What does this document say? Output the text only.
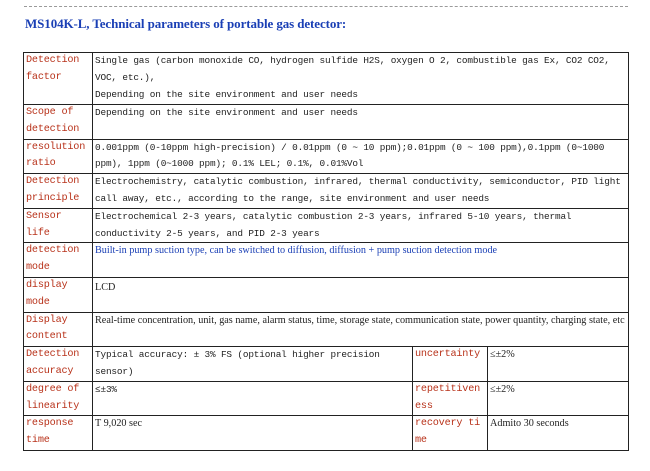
MS104K-L, Technical parameters of portable gas detector:
Detection factor	Single gas (carbon monoxide CO, hydrogen sulfide H2S, oxygen O 2, combustible gas Ex, CO2 CO2, VOC, etc.),
Depending on the site environment and user needs		
Scope of detection	Depending on the site environment and user needs		
resolution ratio	0.001ppm (0-10ppm high-precision) / 0.01ppm (0 ~ 10 ppm);0.01ppm (0 ~ 100 ppm),0.1ppm (0~1000 ppm), 1ppm (0~1000 ppm); 0.1% LEL; 0.1%, 0.01%Vol		
Detection principle	Electrochemistry, catalytic combustion, infrared, thermal conductivity, semiconductor, PID light call away, etc., according to the range, site environment and user needs		
Sensor life	Electrochemical 2-3 years, catalytic combustion 2-3 years, infrared 5-10 years, thermal conductivity 2-5 years, and PID 2-3 years		
detection mode	Built-in pump suction type, can be switched to diffusion, diffusion + pump suction detection mode		
display mode	LCD		
Display content	Real-time concentration, unit, gas name, alarm status, time, storage state, communication state, power quantity, charging state, etc		
Detection accuracy	Typical accuracy: ± 3% FS (optional higher precision sensor)	uncertainty	≤±2%
degree of linearity	≤±3%	repetitiveness	≤±2%
response time	T 9,020 sec	recovery time	Admito 30 seconds
